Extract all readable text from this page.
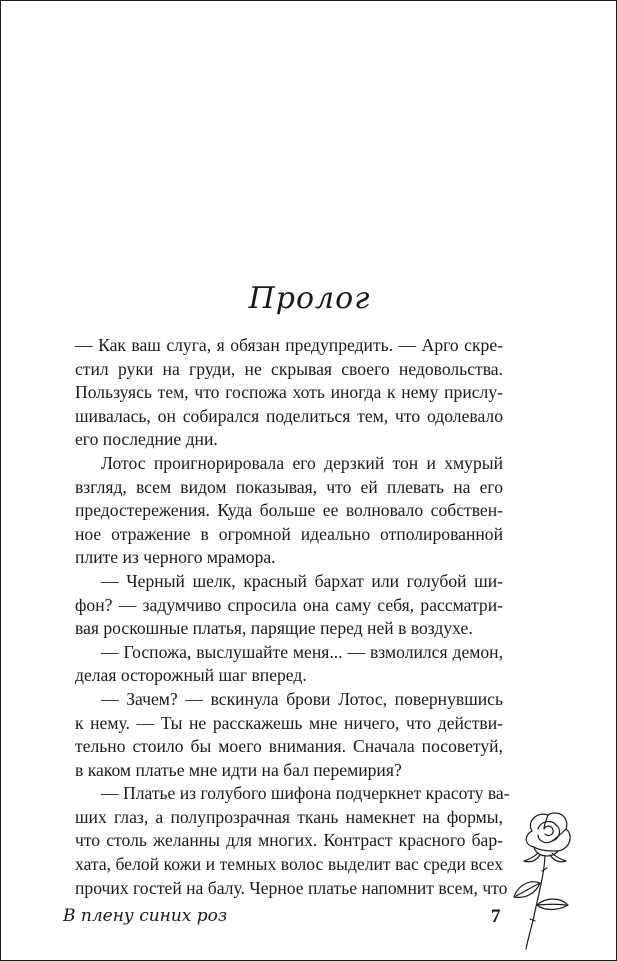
Пролог

— Как ваш слуга, я обязан предупредить. — Арго скре-
стил руки на груди, не скрывая своего недовольства.
Пользуясь тем, что госпожа хоть иногда к нему прислу-
шивалась, он собирался поделиться тем, что одолевало
его последние дни.

Лотос проигнорировала его дерзкий тон и хмурый
взгляд, всем видом показывая, что ей плевать на его
предостережения. Куда больше ее волновало собствен-
ное отражение в огромной идеально отполированной
плите из черного мрамора.

— Черный шелк, красный бархат или голубой ши-
фон? — задумчиво спросила она саму себя, рассматри-
вая роскошные платья, парящие перед ней в воздухе.

— Госпожа, выслушайте меня... — взмолился демон,
делая осторожный шаг вперед.

— Зачем? — вскинула брови Лотос, повернувшись
к нему. — Ты не расскажешь мне ничего, что действи-
тельно стоило бы моего внимания. Сначала посоветуй,
в каком платье мне идти на бал перемирия?

— Платье из голубого шифона подчеркнет красоту ва-
ших глаз, а полупрозрачная ткань намекнет на формы,
что столь желанны для многих. Контраст красного бар-
хата, белой кожи и темных волос выделит вас среди всех
прочих гостей на балу. Черное платье напомнит всем, что

В плену синих роз	7
